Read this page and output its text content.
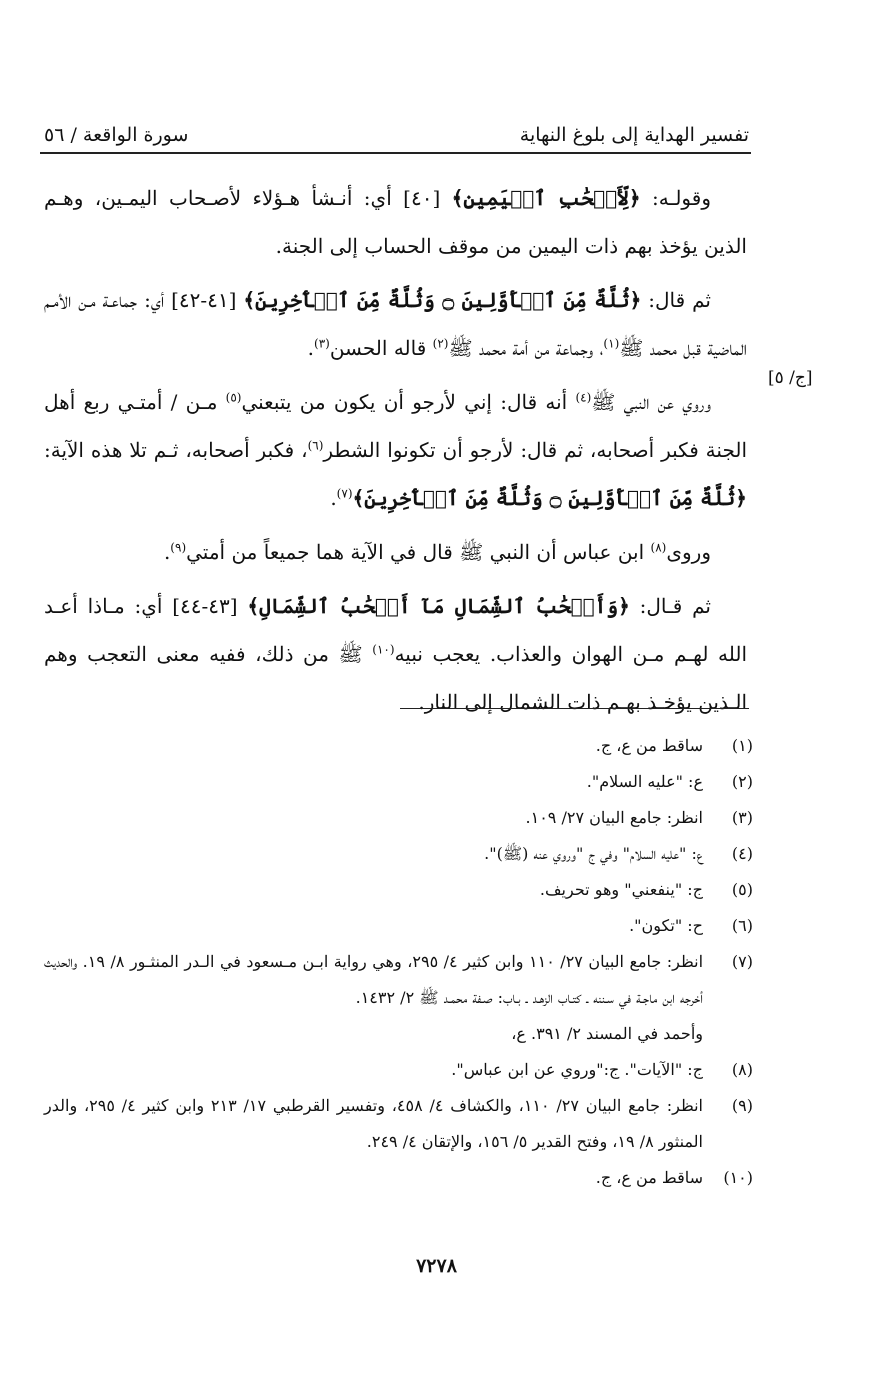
تفسير الهداية إلى بلوغ النهاية
سورة الواقعة / ٥٦
[ج/ ٥]

وقولـه: ﴿لِّأَصۡحَٰبِ ٱلۡيَمِينِ﴾ [٤٠] أي: أنـشأ هـؤلاء لأصـحاب اليمـين، وهـم الذين يؤخذ بهم ذات اليمين من موقف الحساب إلى الجنة.

ثم قال: ﴿ثُلَّةٌ مِّنَ ٱلۡأَوَّلِينَ ۝ وَثُلَّةٌ مِّنَ ٱلۡأٓخِرِينَ﴾ [٤١-٤٢] أي: جماعـة مـن الأمـم الماضية قبل محمد ﷺ$^{(١)}$، وجماعة من أمة محمد ﷺ$^{(٢)}$ قاله الحسن$^{(٣)}$.

وروي عن النبي ﷺ$^{(٤)}$ أنه قال: إني لأرجو أن يكون من يتبعني$^{(٥)}$ مـن / أمتـي ربع أهل الجنة فكبر أصحابه، ثم قال: لأرجو أن تكونوا الشطر$^{(٦)}$، فكبر أصحابه، ثـم تلا هذه الآية: ﴿ثُلَّةٌ مِّنَ ٱلۡأَوَّلِينَ ۝ وَثُلَّةٌ مِّنَ ٱلۡأٓخِرِينَ﴾$^{(٧)}$.

وروى$^{(٨)}$ ابن عباس أن النبي ﷺ قال في الآية هما جميعاً من أمتي$^{(٩)}$.

ثم قـال: ﴿وَأَصۡحَٰبُ ٱلشِّمَالِ مَآ أَصۡحَٰبُ ٱلشِّمَالِ﴾ [٤٣-٤٤] أي: مـاذا أعـد الله لهـم مـن الهوان والعذاب. يعجب نبيه$^{(١٠)}$ ﷺ من ذلك، ففيه معنى التعجب وهم الـذين يؤخـذ بهـم ذات الشمال إلى النار.

(١)
ساقط من ع، ج.
(٢)
ع: "عليه السلام".
(٣)
انظر: جامع البيان ٢٧/ ١٠٩.
(٤)
ع: "عليه السلام" وفي ج "وروي عنه (ﷺ)".
(٥)
ج: "ينفعني" وهو تحريف.
(٦)
ح: "تكون".
(٧)
انظر: جامع البيان ٢٧/ ١١٠ وابن كثير ٤/ ٢٩٥، وهي رواية ابـن مـسعود في الـدر المنثـور ٨/ ١٩. والحديث أخرجه ابن ماجـة في سـننه ـ كتـاب الزهـد ـ بـاب: صـفة محمـد ﷺ ٢/ ١٤٣٢.
وأحمد في المسند ٢/ ٣٩١. ع،
(٨)
ج: "الآيات". ج:"وروي عن ابن عباس".
(٩)
انظر: جامع البيان ٢٧/ ١١٠، والكشاف ٤/ ٤٥٨، وتفسير القرطبي ١٧/ ٢١٣ وابن كثير ٤/ ٢٩٥، والدر المنثور ٨/ ١٩، وفتح القدير ٥/ ١٥٦، والإتقان ٤/ ٢٤٩.
(١٠)
ساقط من ع، ج.
٧٢٧٨
